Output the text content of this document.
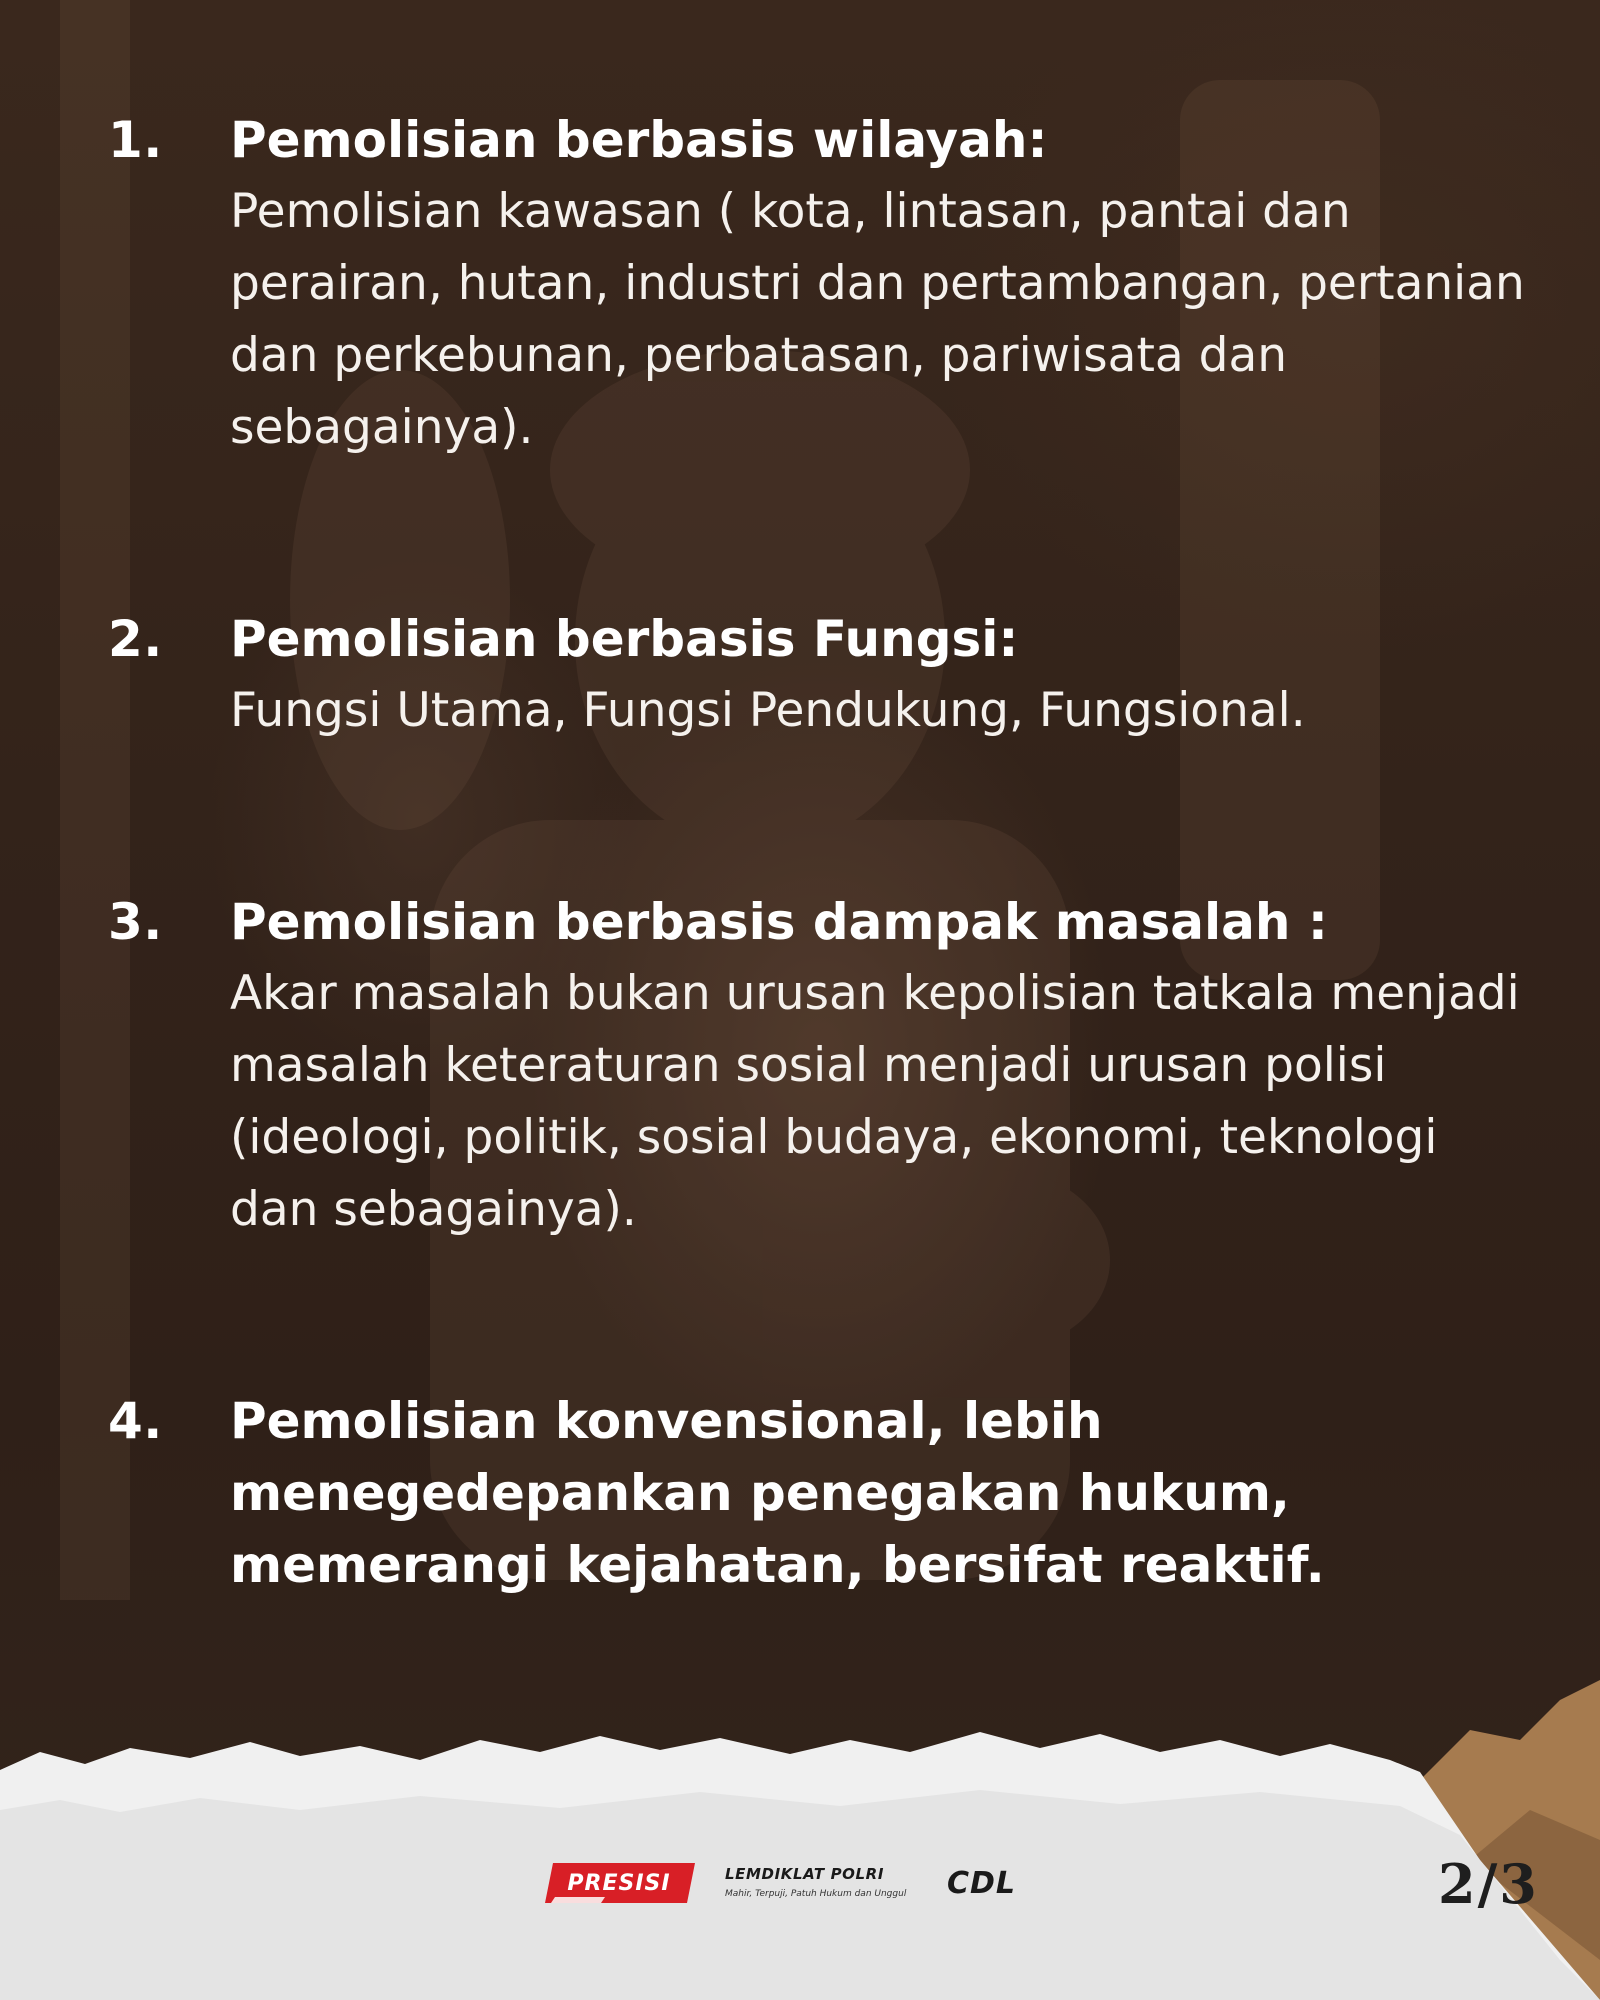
1. Pemolisian berbasis wilayah:

Pemolisian kawasan ( kota, lintasan, pantai dan perairan, hutan, industri dan pertambangan, pertanian dan perkebunan, perbatasan, pariwisata dan sebagainya).

2. Pemolisian berbasis Fungsi:

Fungsi Utama, Fungsi Pendukung, Fungsional.

3. Pemolisian berbasis dampak masalah :

Akar masalah bukan urusan kepolisian tatkala menjadi masalah keteraturan sosial menjadi urusan polisi (ideologi, politik, sosial budaya, ekonomi, teknologi dan sebagainya).

4. Pemolisian konvensional, lebih menegedepankan penegakan hukum, memerangi kejahatan, bersifat reaktif.
PRESISI	LEMDIKLAT POLRI
Mahir, Terpuji, Patuh Hukum dan Unggul CDL	2/3
